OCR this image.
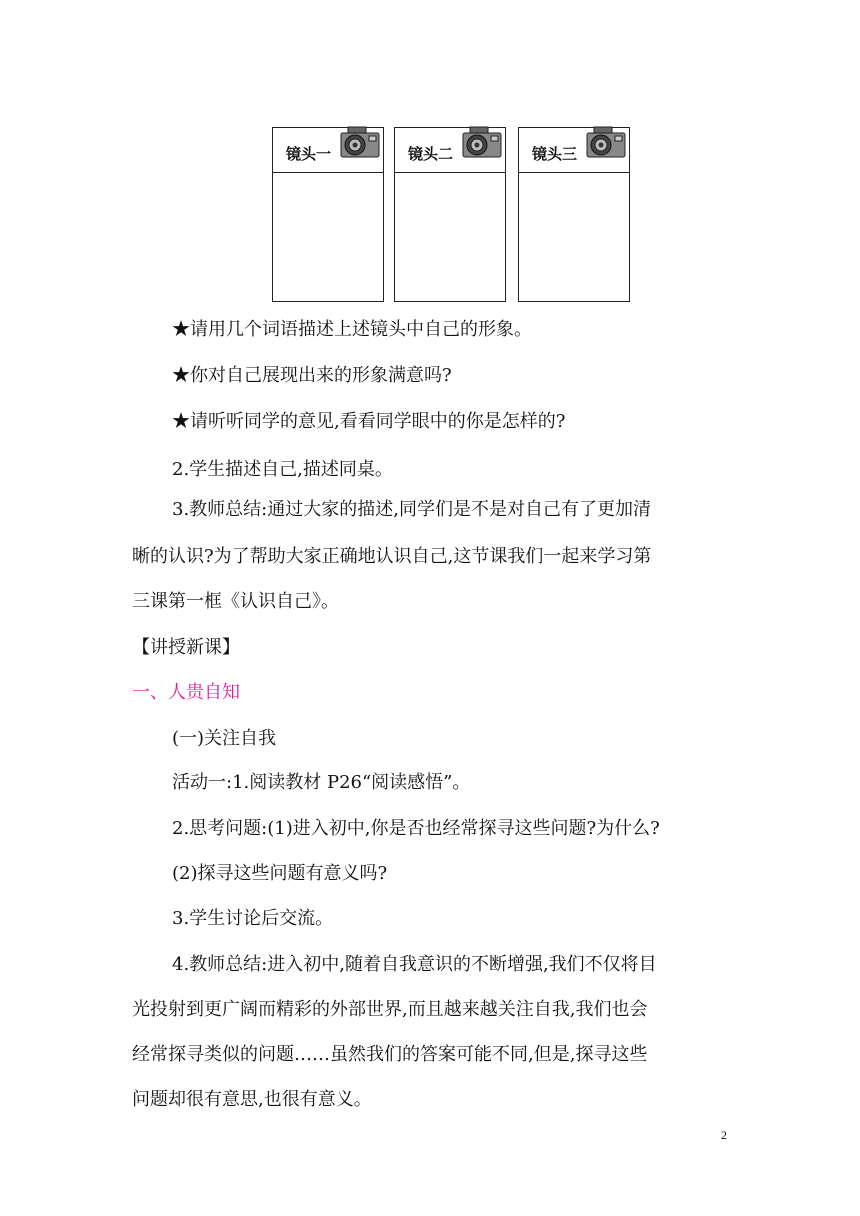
镜头一	镜头二	镜头三
★请用几个词语描述上述镜头中自己的形象。
★你对自己展现出来的形象满意吗?
★请听听同学的意见,看看同学眼中的你是怎样的?
2.学生描述自己,描述同桌。
3.教师总结:通过大家的描述,同学们是不是对自己有了更加清
晰的认识?为了帮助大家正确地认识自己,这节课我们一起来学习第
三课第一框《认识自己》。
【讲授新课】
一、人贵自知
(一)关注自我
活动一:1.阅读教材 P26“阅读感悟”。
2.思考问题:(1)进入初中,你是否也经常探寻这些问题?为什么?
(2)探寻这些问题有意义吗?
3.学生讨论后交流。
4.教师总结:进入初中,随着自我意识的不断增强,我们不仅将目
光投射到更广阔而精彩的外部世界,而且越来越关注自我,我们也会
经常探寻类似的问题……虽然我们的答案可能不同,但是,探寻这些
问题却很有意思,也很有意义。
2
